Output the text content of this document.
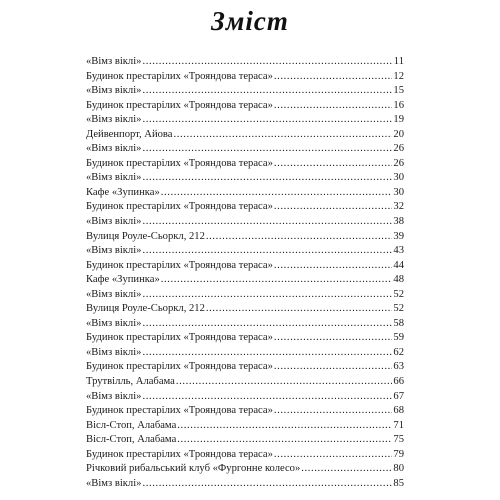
Зміст
«Вімз вiклi» .....	11
Будинок престарілих «Трояндова тераса» .....	12
«Вімз вiклi» .....	15
Будинок престарілих «Трояндова тераса» .....	16
«Вімз вiклi» .....	19
Дейвенпорт, Айова .....	20
«Вімз вiклi» .....	26
Будинок престарілих «Трояндова тераса» .....	26
«Вімз вiклi» .....	30
Кафе «Зупинка» .....	30
Будинок престарілих «Трояндова тераса» .....	32
«Вімз вiклi» .....	38
Вулиця Роуле-Сьоркл, 212 .....	39
«Вімз вiклi» .....	43
Будинок престарілих «Трояндова тераса» .....	44
Кафе «Зупинка» .....	48
«Вімз вiклi» .....	52
Вулиця Роуле-Сьоркл, 212 .....	52
«Вімз вiклi» .....	58
Будинок престарілих «Трояндова тераса» .....	59
«Вімз вiклi» .....	62
Будинок престарілих «Трояндова тераса» .....	63
Трутвілль, Алабама .....	66
«Вімз вiклi» .....	67
Будинок престарілих «Трояндова тераса» .....	68
Вісл-Стоп, Алабама .....	71
Вісл-Стоп, Алабама .....	75
Будинок престарілих «Трояндова тераса» .....	79
Річковий рибальський клуб «Фургонне колесо» .....	80
«Вімз вiклi» .....	85
